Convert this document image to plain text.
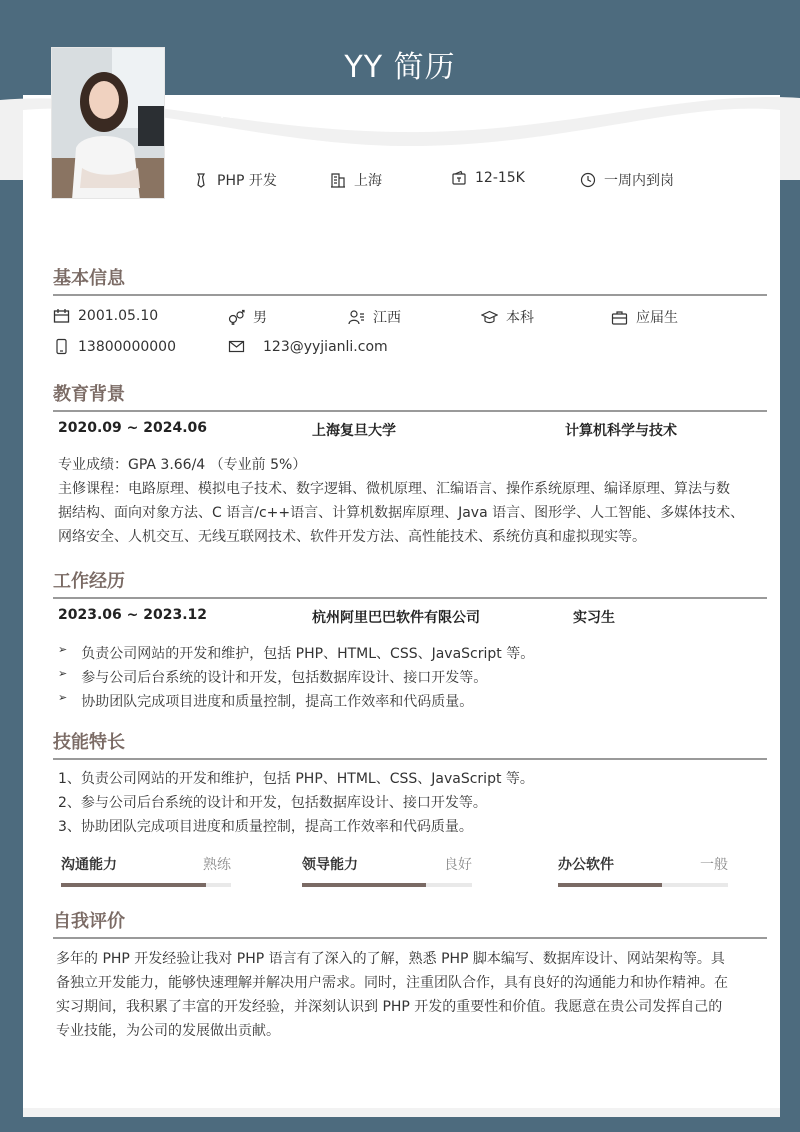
YY 简历
YY 简历（yyjianli.com），精品个人简历模板设计与制作。
PHP 开发	上海	12-15K	一周内到岗
基本信息
2001.05.10	男	江西	本科	应届生
13800000000	123@yyjianli.com
教育背景
2020.09 ~ 2024.06	上海复旦大学	计算机科学与技术
专业成绩：GPA 3.66/4 （专业前 5%）
主修课程：电路原理、模拟电子技术、数字逻辑、微机原理、汇编语言、操作系统原理、编译原理、算法与数
据结构、面向对象方法、C 语言/c++语言、计算机数据库原理、Java 语言、图形学、人工智能、多媒体技术、
网络安全、人机交互、无线互联网技术、软件开发方法、高性能技术、系统仿真和虚拟现实等。
工作经历
2023.06 ~ 2023.12	杭州阿里巴巴软件有限公司	实习生
➢ 负责公司网站的开发和维护，包括 PHP、HTML、CSS、JavaScript 等。
➢ 参与公司后台系统的设计和开发，包括数据库设计、接口开发等。
➢ 协助团队完成项目进度和质量控制，提高工作效率和代码质量。
技能特长
1、负责公司网站的开发和维护，包括 PHP、HTML、CSS、JavaScript 等。
2、参与公司后台系统的设计和开发，包括数据库设计、接口开发等。
3、协助团队完成项目进度和质量控制，提高工作效率和代码质量。
沟通能力	熟练	领导能力	良好	办公软件	一般
自我评价
多年的 PHP 开发经验让我对 PHP 语言有了深入的了解，熟悉 PHP 脚本编写、数据库设计、网站架构等。具
备独立开发能力，能够快速理解并解决用户需求。同时，注重团队合作，具有良好的沟通能力和协作精神。在
实习期间，我积累了丰富的开发经验，并深刻认识到 PHP 开发的重要性和价值。我愿意在贵公司发挥自己的
专业技能，为公司的发展做出贡献。
